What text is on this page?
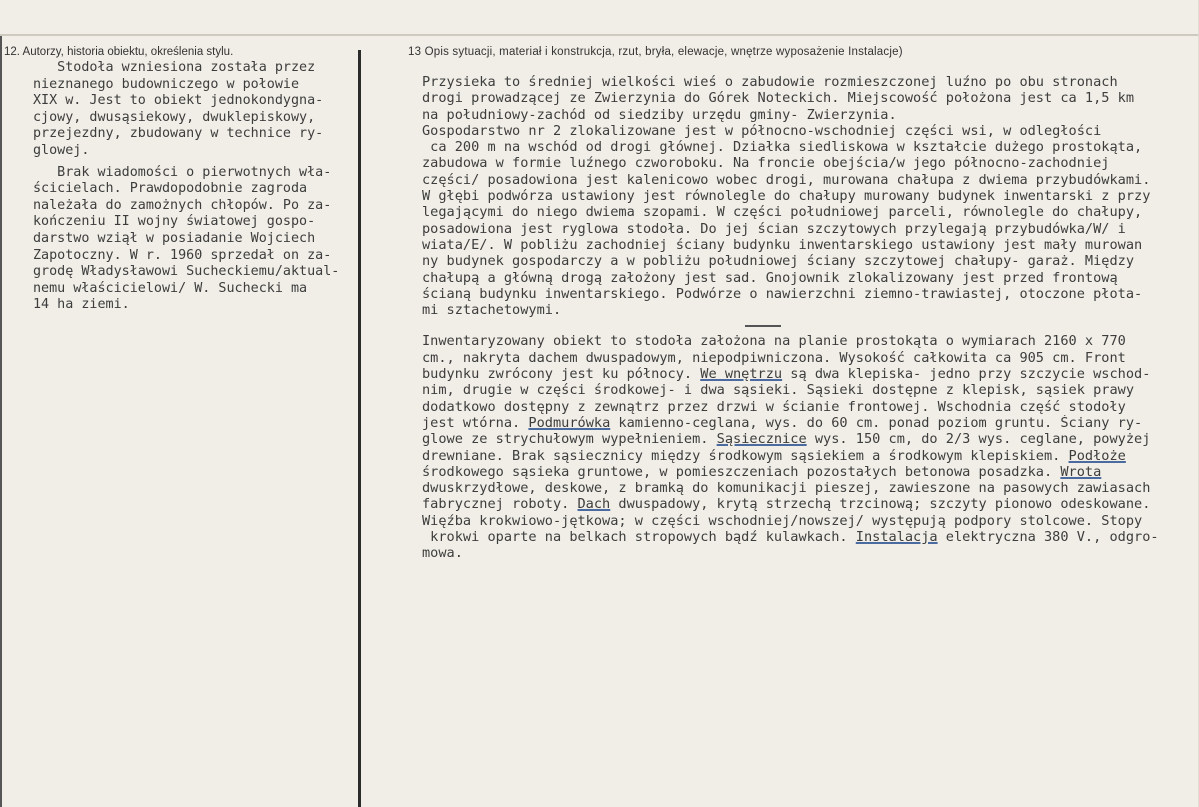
12. Autorzy, historia obiektu, określenia stylu.	13 Opis sytuacji, materiał i konstrukcja, rzut, bryła, elewacje, wnętrze wyposażenie Instalacje)
Stodoła wzniesiona została przez
nieznanego budowniczego w połowie
XIX w. Jest to obiekt jednokondygna-
cjowy, dwusąsiekowy, dwuklepiskowy,
przejezdny, zbudowany w technice ry-
glowej.
Brak wiadomości o pierwotnych wła-
ścicielach. Prawdopodobnie zagroda
należała do zamożnych chłopów. Po za-
kończeniu II wojny światowej gospo-
darstwo wziął w posiadanie Wojciech
Zapotoczny. W r. 1960 sprzedał on za-
grodę Władysławowi Sucheckiemu/aktual-
nemu właścicielowi/ W. Suchecki ma
14 ha ziemi.
Przysieka to średniej wielkości wieś o zabudowie rozmieszczonej luźno po obu stronach
drogi prowadzącej ze Zwierzynia do Górek Noteckich. Miejscowość położona jest ca 1,5 km
na południowy-zachód od siedziby urzędu gminy- Zwierzynia.
Gospodarstwo nr 2 zlokalizowane jest w północno-wschodniej części wsi, w odległości
ca 200 m na wschód od drogi głównej. Działka siedliskowa w kształcie dużego prostokąta,
zabudowa w formie luźnego czworoboku. Na froncie obejścia/w jego północno-zachodniej
części/ posadowiona jest kalenicowo wobec drogi, murowana chałupa z dwiema przybudówkami.
W głębi podwórza ustawiony jest równolegle do chałupy murowany budynek inwentarski z przy
legającymi do niego dwiema szopami. W części południowej parceli, równolegle do chałupy,
posadowiona jest ryglowa stodoła. Do jej ścian szczytowych przylegają przybudówka/W/ i
wiata/E/. W pobliżu zachodniej ściany budynku inwentarskiego ustawiony jest mały murowan
ny budynek gospodarczy a w pobliżu południowej ściany szczytowej chałupy- garaż. Między
chałupą a główną drogą założony jest sad. Gnojownik zlokalizowany jest przed frontową
ścianą budynku inwentarskiego. Podwórze o nawierzchni ziemno-trawiastej, otoczone płota-
mi sztachetowymi.
Inwentaryzowany obiekt to stodoła założona na planie prostokąta o wymiarach 2160 x 770
cm., nakryta dachem dwuspadowym, niepodpiwniczona. Wysokość całkowita ca 905 cm. Front
budynku zwrócony jest ku północy. We wnętrzu są dwa klepiska- jedno przy szczycie wschod-
nim, drugie w części środkowej- i dwa sąsieki. Sąsieki dostępne z klepisk, sąsiek prawy
dodatkowo dostępny z zewnątrz przez drzwi w ścianie frontowej. Wschodnia część stodoły
jest wtórna. Podmurówka kamienno-ceglana, wys. do 60 cm. ponad poziom gruntu. Ściany ry-
glowe ze strychułowym wypełnieniem. Sąsiecznice wys. 150 cm, do 2/3 wys. ceglane, powyżej
drewniane. Brak sąsiecznicy między środkowym sąsiekiem a środkowym klepiskiem. Podłoże
środkowego sąsieka gruntowe, w pomieszczeniach pozostałych betonowa posadzka. Wrota
dwuskrzydłowe, deskowe, z bramką do komunikacji pieszej, zawieszone na pasowych zawiasach
fabrycznej roboty. Dach dwuspadowy, krytą strzechą trzcinową; szczyty pionowo odeskowane.
Więźba krokwiowo-jętkowa; w części wschodniej/nowszej/ występują podpory stolcowe. Stopy
krokwi oparte na belkach stropowych bądź kulawkach. Instalacja elektryczna 380 V., odgro-
mowa.
